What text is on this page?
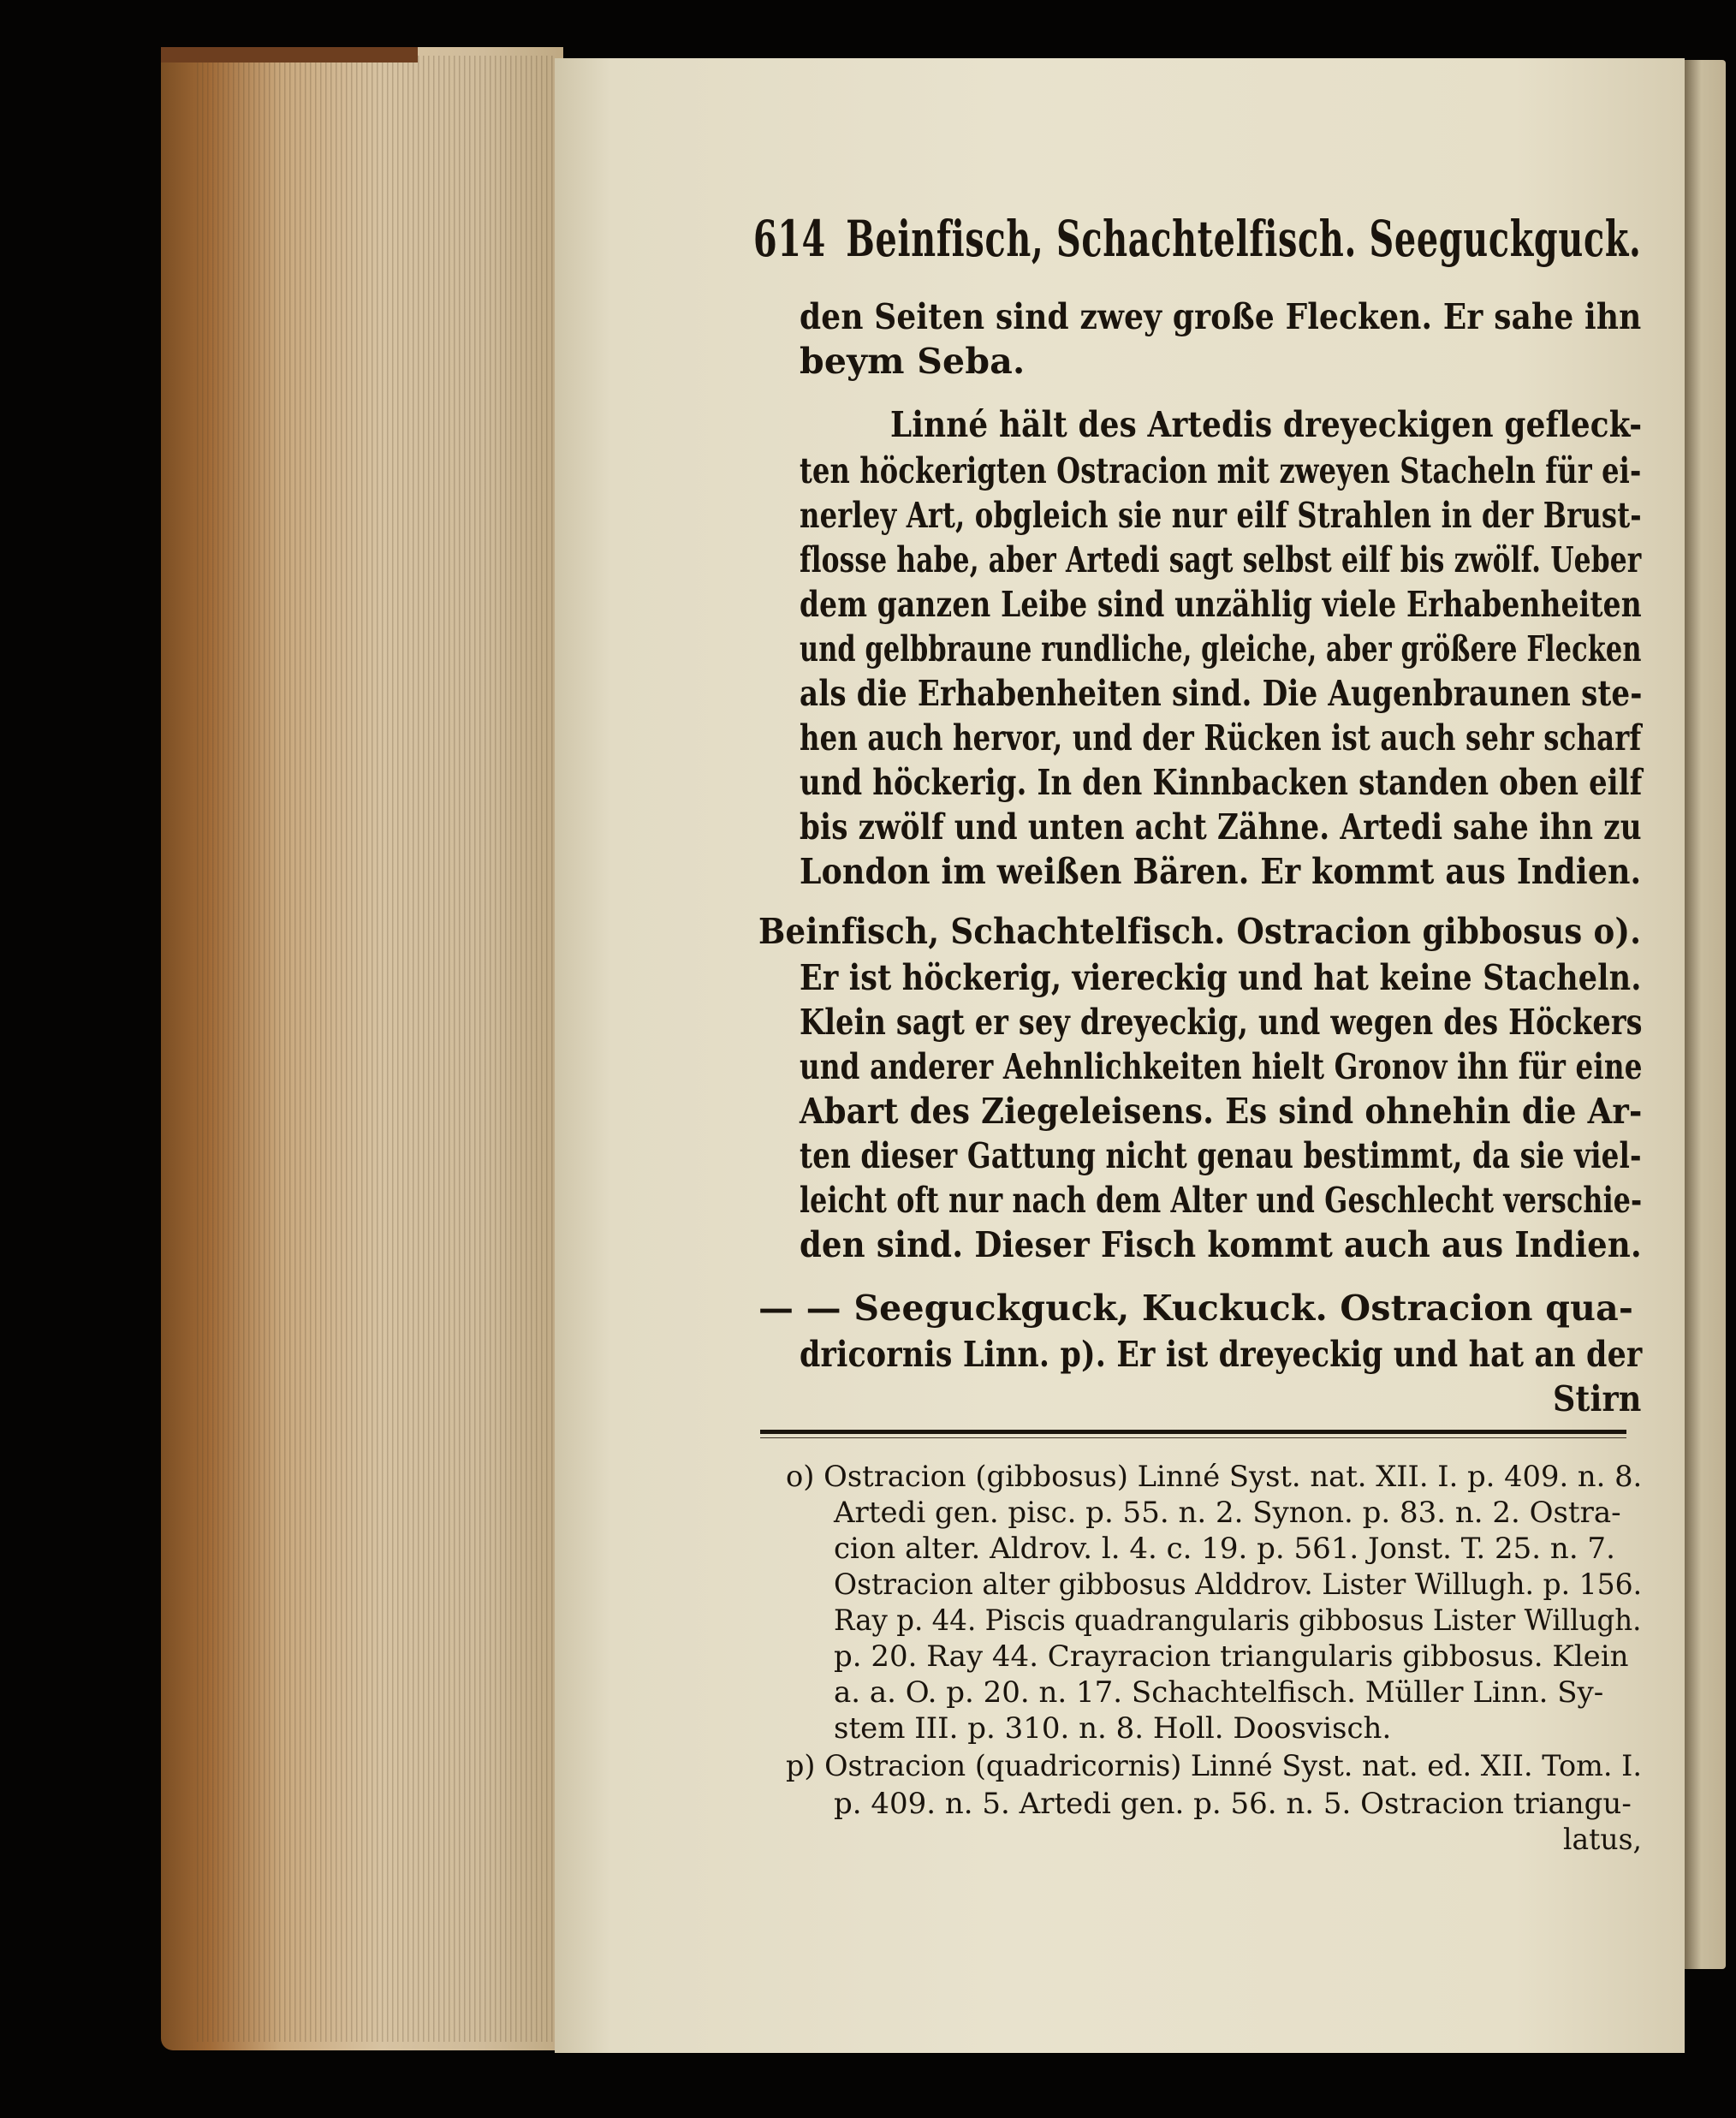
614 Beinfisch, Schachtelfisch. Seeguckguck.
den Seiten sind zwey große Flecken. Er sahe ihn
beym Seba.
Linné hält des Artedis dreyeckigen gefleck-
ten höckerigten Ostracion mit zweyen Stacheln für ei-
nerley Art, obgleich sie nur eilf Strahlen in der Brust-
flosse habe, aber Artedi sagt selbst eilf bis zwölf. Ueber
dem ganzen Leibe sind unzählig viele Erhabenheiten
und gelbbraune rundliche, gleiche, aber größere Flecken
als die Erhabenheiten sind. Die Augenbraunen ste-
hen auch hervor, und der Rücken ist auch sehr scharf
und höckerig. In den Kinnbacken standen oben eilf
bis zwölf und unten acht Zähne. Artedi sahe ihn zu
London im weißen Bären. Er kommt aus Indien.
Beinfisch, Schachtelfisch. Ostracion gibbosus o).
Er ist höckerig, viereckig und hat keine Stacheln.
Klein sagt er sey dreyeckig, und wegen des Höckers
und anderer Aehnlichkeiten hielt Gronov ihn für eine
Abart des Ziegeleisens. Es sind ohnehin die Ar-
ten dieser Gattung nicht genau bestimmt, da sie viel-
leicht oft nur nach dem Alter und Geschlecht verschie-
den sind. Dieser Fisch kommt auch aus Indien.
— — Seeguckguck, Kuckuck. Ostracion qua-
dricornis Linn. p). Er ist dreyeckig und hat an der
Stirn
o) Ostracion (gibbosus) Linné Syst. nat. XII. I. p. 409. n. 8.
Artedi gen. pisc. p. 55. n. 2. Synon. p. 83. n. 2. Ostra-
cion alter. Aldrov. l. 4. c. 19. p. 561. Jonst. T. 25. n. 7.
Ostracion alter gibbosus Alddrov. Lister Willugh. p. 156.
Ray p. 44. Piscis quadrangularis gibbosus Lister Willugh.
p. 20. Ray 44. Crayracion triangularis gibbosus. Klein
a. a. O. p. 20. n. 17. Schachtelfisch. Müller Linn. Sy-
stem III. p. 310. n. 8. Holl. Doosvisch.
p) Ostracion (quadricornis) Linné Syst. nat. ed. XII. Tom. I.
p. 409. n. 5. Artedi gen. p. 56. n. 5. Ostracion triangu-
latus,
